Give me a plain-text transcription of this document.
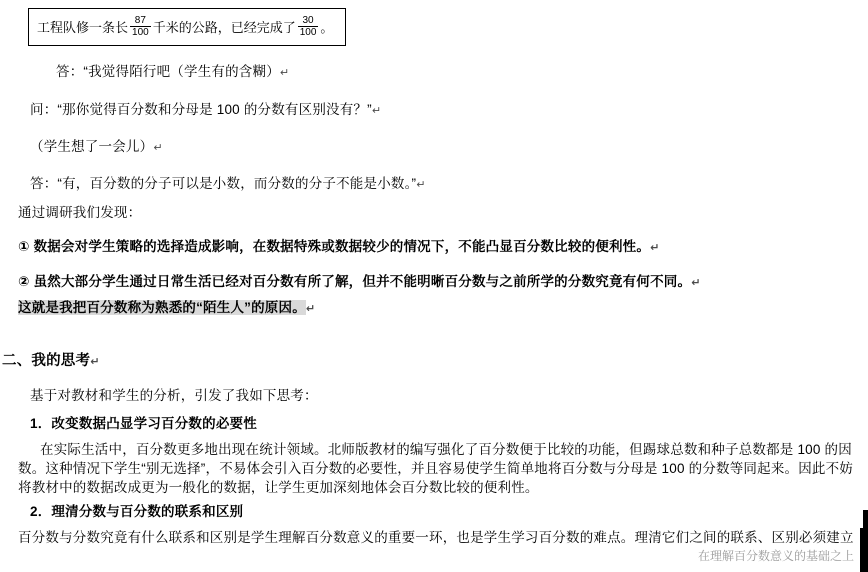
工程队修一条长 $\frac{87}{100}$ 千米的公路，已经完成了 $\frac{30}{100}$ 。
答：“我觉得陌行吧（学生有的含糊）↵
问：“那你觉得百分数和分母是 100 的分数有区别没有？”↵
（学生想了一会儿）↵
答：“有，百分数的分子可以是小数，而分数的分子不能是小数。”↵
通过调研我们发现：
① 数据会对学生策略的选择造成影响，在数据特殊或数据较少的情况下，不能凸显百分数比较的便利性。↵
② 虽然大部分学生通过日常生活已经对百分数有所了解，但并不能明晰百分数与之前所学的分数究竟有何不同。↵
这就是我把百分数称为熟悉的“陌生人”的原因。↵
二、我的思考↵
基于对教材和学生的分析，引发了我如下思考：
1．改变数据凸显学习百分数的必要性
在实际生活中，百分数更多地出现在统计领域。北师版教材的编写强化了百分数便于比较的功能，但踢球总数和种子总数都是 100 的因数。这种情况下学生“别无选择”，不易体会引入百分数的必要性，并且容易使学生简单地将百分数与分母是 100 的分数等同起来。因此不妨将教材中的数据改成更为一般化的数据，让学生更加深刻地体会百分数比较的便利性。
2．理清分数与百分数的联系和区别
百分数与分数究竟有什么联系和区别是学生理解百分数意义的重要一环，也是学生学习百分数的难点。理清它们之间的联系、区别必须建立
在理解百分数意义的基础之上
